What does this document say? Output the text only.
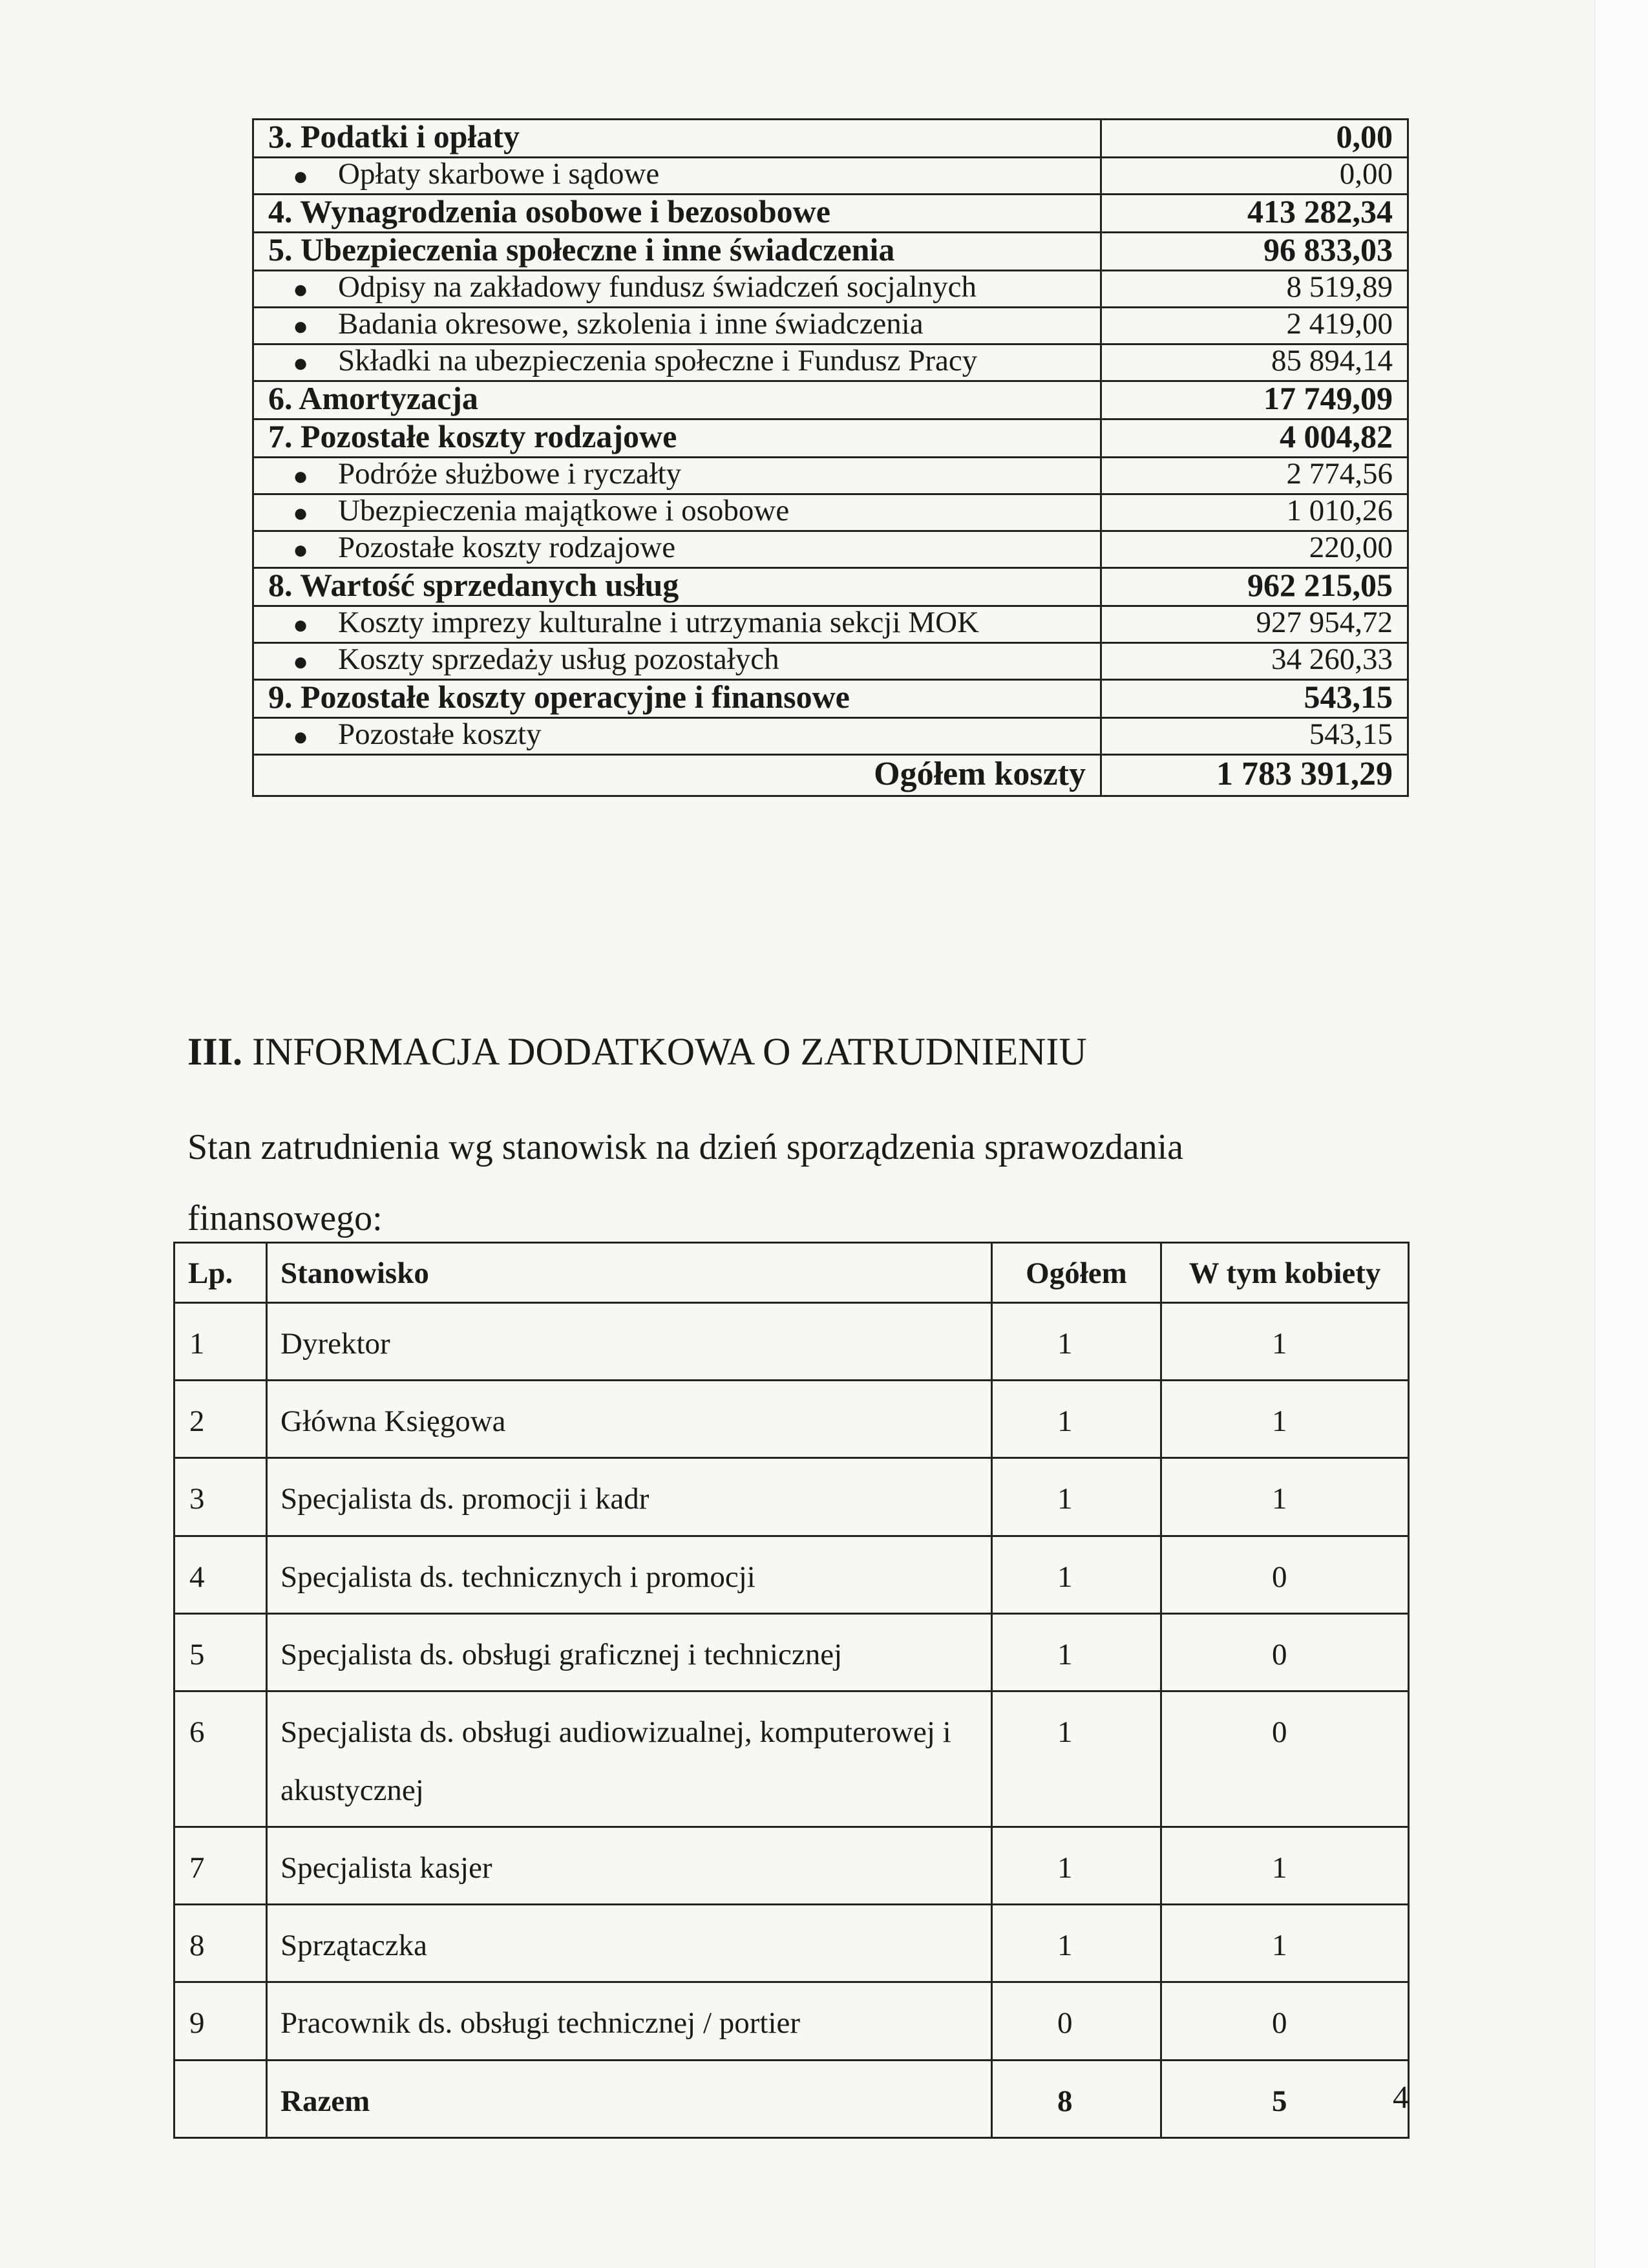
3. Podatki i opłaty	0,00
● Opłaty skarbowe i sądowe	0,00
4. Wynagrodzenia osobowe i bezosobowe	413 282,34
5. Ubezpieczenia społeczne i inne świadczenia	96 833,03
● Odpisy na zakładowy fundusz świadczeń socjalnych	8 519,89
● Badania okresowe, szkolenia i inne świadczenia	2 419,00
● Składki na ubezpieczenia społeczne i Fundusz Pracy	85 894,14
6. Amortyzacja	17 749,09
7. Pozostałe koszty rodzajowe	4 004,82
● Podróże służbowe i ryczałty	2 774,56
● Ubezpieczenia majątkowe i osobowe	1 010,26
● Pozostałe koszty rodzajowe	220,00
8. Wartość sprzedanych usług	962 215,05
● Koszty imprezy kulturalne i utrzymania sekcji MOK	927 954,72
● Koszty sprzedaży usług pozostałych	34 260,33
9. Pozostałe koszty operacyjne i finansowe	543,15
● Pozostałe koszty	543,15
Ogółem koszty	1 783 391,29
III. INFORMACJA DODATKOWA O ZATRUDNIENIU
Stan zatrudnienia wg stanowisk na dzień sporządzenia sprawozdania finansowego:
Lp.	Stanowisko	Ogółem	W tym kobiety
1	Dyrektor	1	1
2	Główna Księgowa	1	1
3	Specjalista ds. promocji i kadr	1	1
4	Specjalista ds. technicznych i promocji	1	0
5	Specjalista ds. obsługi graficznej i technicznej	1	0
6	Specjalista ds. obsługi audiowizualnej, komputerowej i akustycznej	1	0
7	Specjalista kasjer	1	1
8	Sprzątaczka	1	1
9	Pracownik ds. obsługi technicznej / portier	0	0
	Razem	8	5	4
